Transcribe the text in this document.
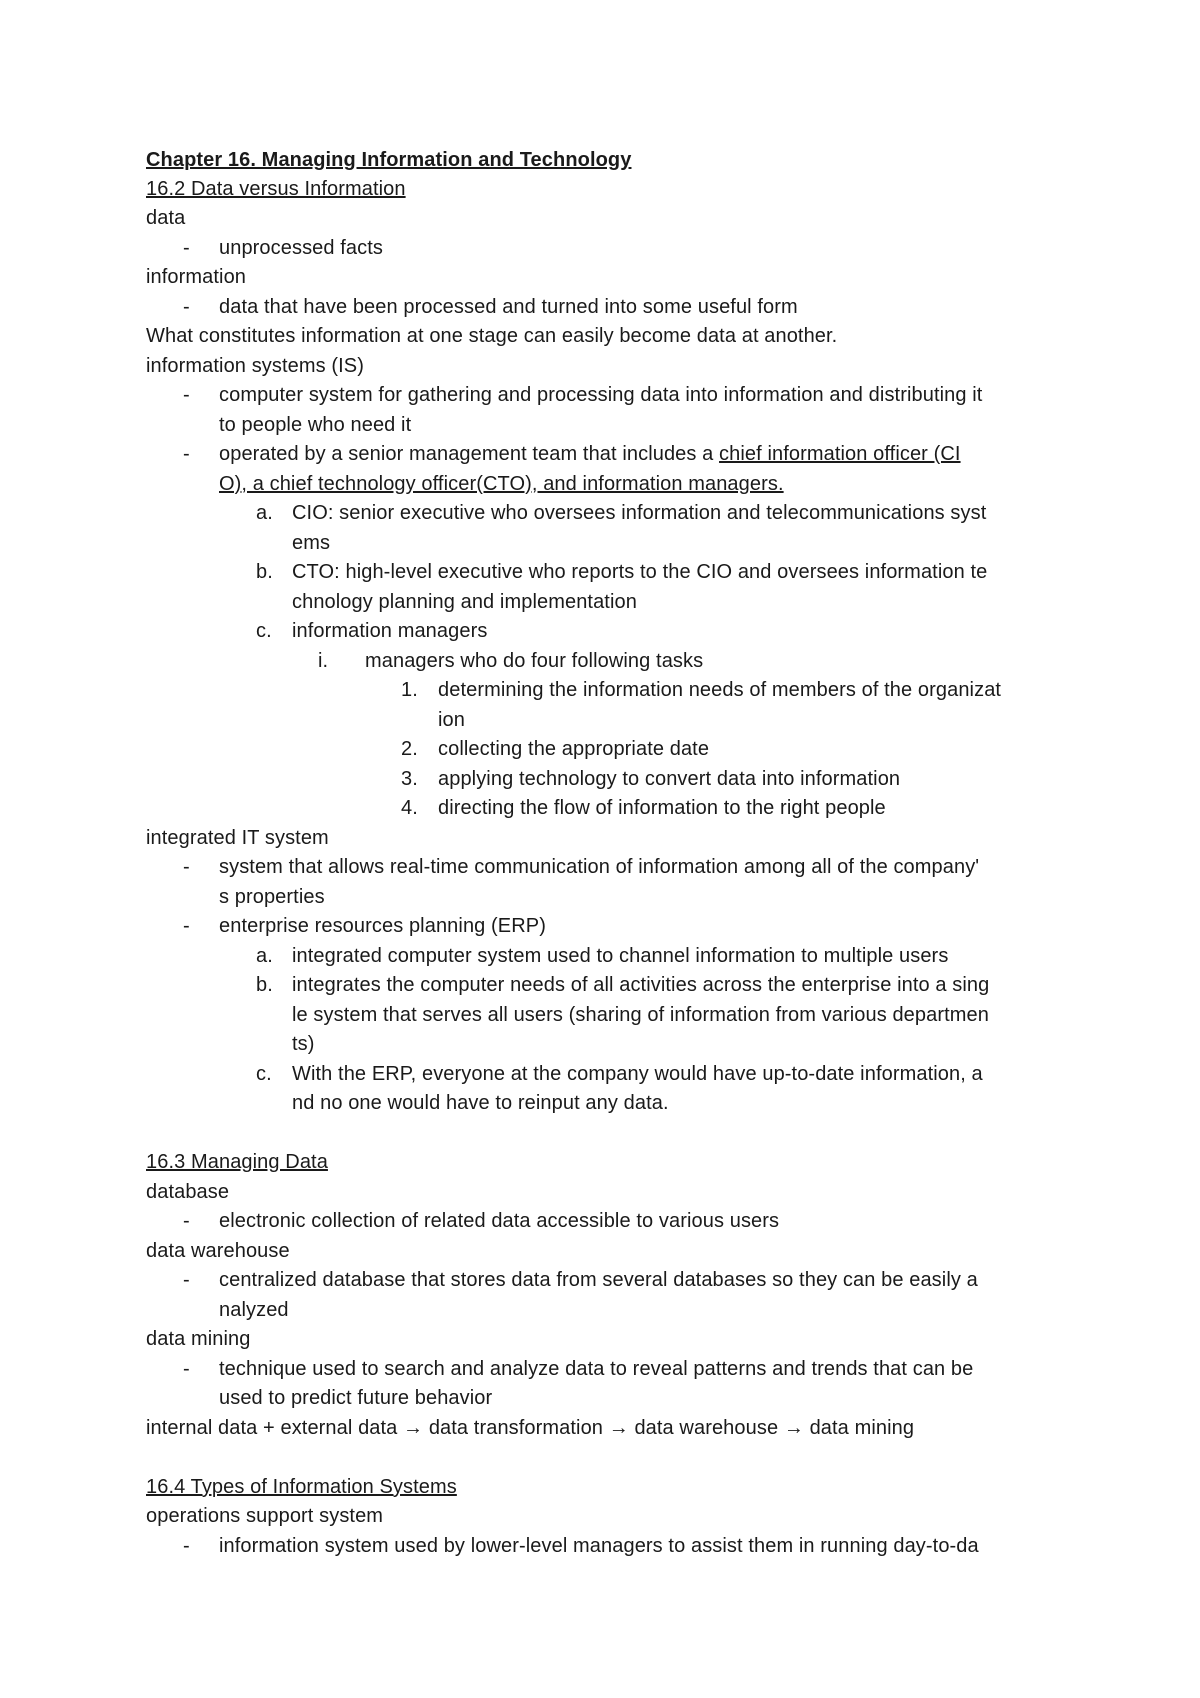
Chapter 16. Managing Information and Technology
16.2 Data versus Information
data
- unprocessed facts
information
- data that have been processed and turned into some useful form
What constitutes information at one stage can easily become data at another.
information systems (IS)
- computer system for gathering and processing data into information and distributing it
to people who need it
- operated by a senior management team that includes a chief information officer (CI
O), a chief technology officer(CTO), and information managers.
a. CIO: senior executive who oversees information and telecommunications syst
ems
b. CTO: high-level executive who reports to the CIO and oversees information te
chnology planning and implementation
c. information managers
i. managers who do four following tasks
1. determining the information needs of members of the organizat
ion
2. collecting the appropriate date
3. applying technology to convert data into information
4. directing the flow of information to the right people
integrated IT system
- system that allows real-time communication of information among all of the company'
s properties
- enterprise resources planning (ERP)
a. integrated computer system used to channel information to multiple users
b. integrates the computer needs of all activities across the enterprise into a sing
le system that serves all users (sharing of information from various departmen
ts)
c. With the ERP, everyone at the company would have up-to-date information, a
nd no one would have to reinput any data.
16.3 Managing Data
database
- electronic collection of related data accessible to various users
data warehouse
- centralized database that stores data from several databases so they can be easily a
nalyzed
data mining
- technique used to search and analyze data to reveal patterns and trends that can be
used to predict future behavior
internal data + external data → data transformation → data warehouse → data mining
16.4 Types of Information Systems
operations support system
- information system used by lower-level managers to assist them in running day-to-da
